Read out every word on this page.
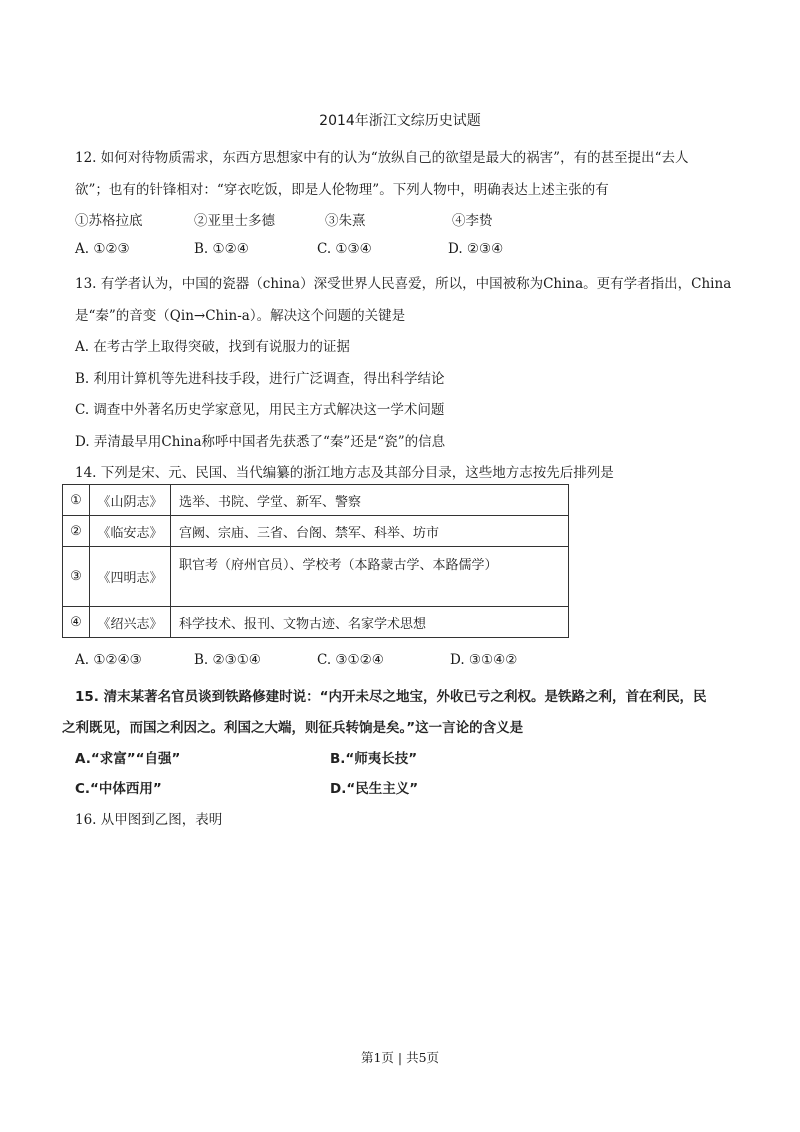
2014年浙江文综历史试题
12. 如何对待物质需求，东西方思想家中有的认为“放纵自己的欲望是最大的祸害”，有的甚至提出“去人
欲”；也有的针锋相对：“穿衣吃饭，即是人伦物理”。下列人物中，明确表达上述主张的有
①苏格拉底	②亚里士多德	③朱熹	④李贽
A. ①②③	B. ①②④	C. ①③④	D. ②③④
13. 有学者认为，中国的瓷器（china）深受世界人民喜爱，所以，中国被称为China。更有学者指出，China
是“秦”的音变（Qin→Chin-a）。解决这个问题的关键是
A. 在考古学上取得突破，找到有说服力的证据
B. 利用计算机等先进科技手段，进行广泛调查，得出科学结论
C. 调查中外著名历史学家意见，用民主方式解决这一学术问题
D. 弄清最早用China称呼中国者先获悉了“秦”还是“瓷”的信息
14. 下列是宋、元、民国、当代编纂的浙江地方志及其部分目录，这些地方志按先后排列是
①	《山阴志》	选举、书院、学堂、新军、警察
②	《临安志》	宫阙、宗庙、三省、台阁、禁军、科举、坊市
③	《四明志》	职官考（府州官员）、学校考（本路蒙古学、本路儒学）
④	《绍兴志》	科学技术、报刊、文物古迹、名家学术思想
A. ①②④③	B. ②③①④	C. ③①②④	D. ③①④②
15. 清末某著名官员谈到铁路修建时说：“内开未尽之地宝，外收已亏之利权。是铁路之利，首在利民，民
之利既见，而国之利因之。利国之大端，则征兵转饷是矣。”这一言论的含义是
A.“求富”“自强”	B.“师夷长技”
C.“中体西用”	D.“民生主义”
16. 从甲图到乙图，表明
第1页 | 共5页
